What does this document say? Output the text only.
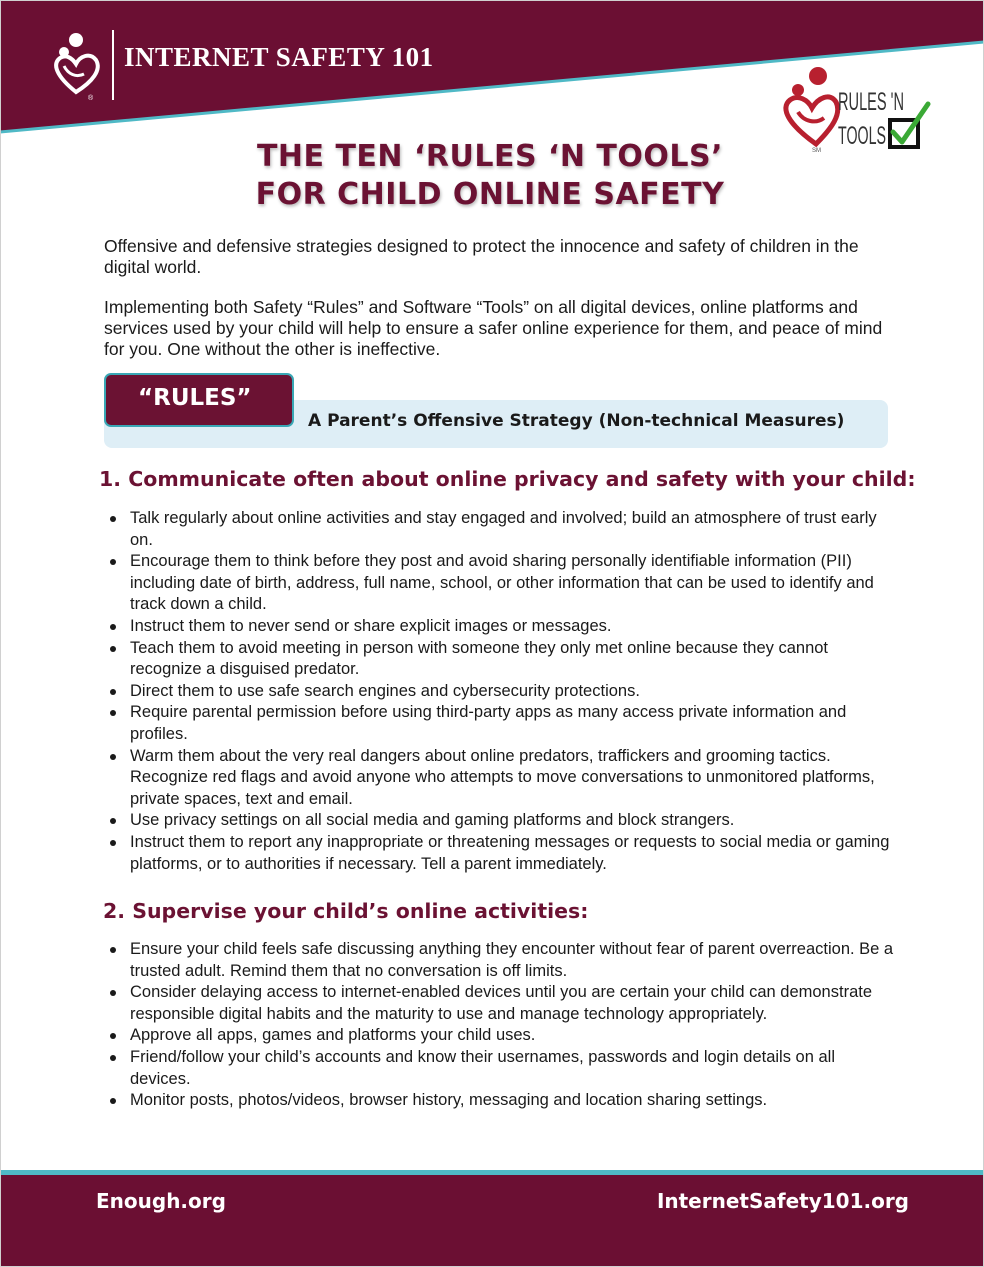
®
INTERNET SAFETY 101
SM
RULES 'N
TOOLS
THE TEN ‘RULES ‘N TOOLS’
FOR CHILD ONLINE SAFETY

Offensive and defensive strategies designed to protect the innocence and safety of children in the digital world.

Implementing both Safety “Rules” and Software “Tools” on all digital devices, online platforms and services used by your child will help to ensure a safer online experience for them, and peace of mind for you. One without the other is ineffective.

“RULES”
A Parent’s Offensive Strategy (Non-technical Measures)
1. Communicate often about online privacy and safety with your child:
Talk regularly about online activities and stay engaged and involved; build an atmosphere of trust early on.
Encourage them to think before they post and avoid sharing personally identifiable information (PII) including date of birth, address, full name, school, or other information that can be used to identify and track down a child.
Instruct them to never send or share explicit images or messages.
Teach them to avoid meeting in person with someone they only met online because they cannot recognize a disguised predator.
Direct them to use safe search engines and cybersecurity protections.
Require parental permission before using third-party apps as many access private information and profiles.
Warm them about the very real dangers about online predators, traffickers and grooming tactics. Recognize red flags and avoid anyone who attempts to move conversations to unmonitored platforms, private spaces, text and email.
Use privacy settings on all social media and gaming platforms and block strangers.
Instruct them to report any inappropriate or threatening messages or requests to social media or gaming platforms, or to authorities if necessary. Tell a parent immediately.
2. Supervise your child’s online activities:
Ensure your child feels safe discussing anything they encounter without fear of parent overreaction. Be a trusted adult. Remind them that no conversation is off limits.
Consider delaying access to internet-enabled devices until you are certain your child can demonstrate responsible digital habits and the maturity to use and manage technology appropriately.
Approve all apps, games and platforms your child uses.
Friend/follow your child’s accounts and know their usernames, passwords and login details on all devices.
Monitor posts, photos/videos, browser history, messaging and location sharing settings.
Enough.org	InternetSafety101.org
